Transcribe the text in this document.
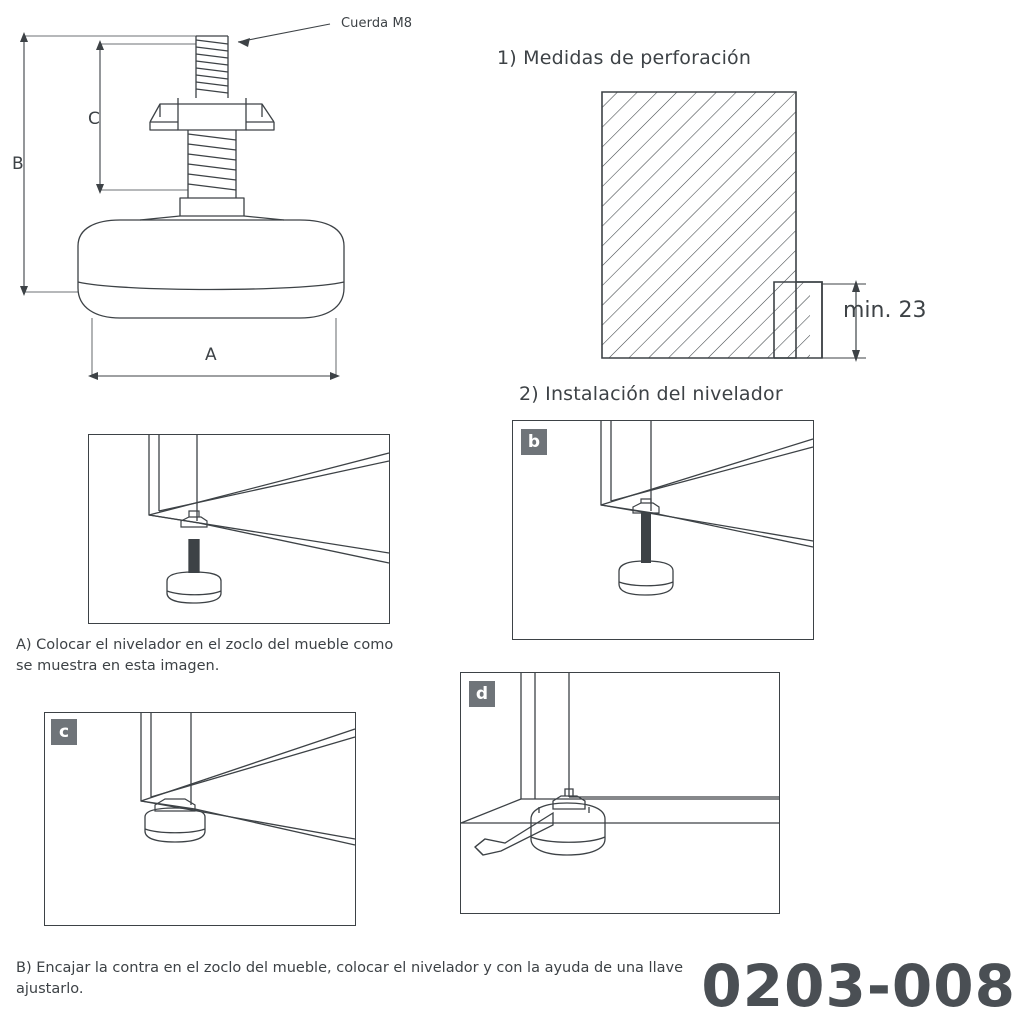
Cuerda M8
B
C
A
1) Medidas de perforación
min. 23
2) Instalación del nivelador
A) Colocar el nivelador en el zoclo del mueble como se muestra en esta imagen.
b
c
d
B) Encajar la contra en el zoclo del mueble, colocar el nivelador y con la ayuda de una llave ajustarlo.	0203-008
